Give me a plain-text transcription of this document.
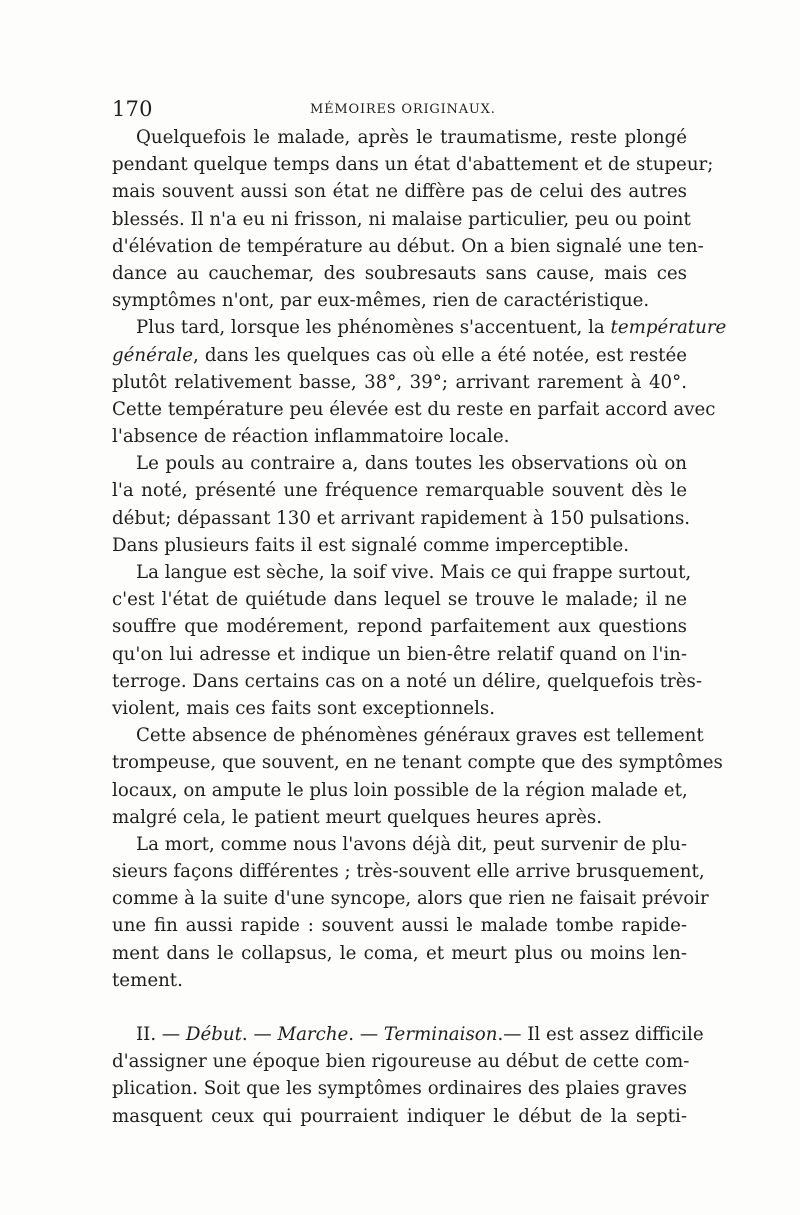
170	MÉMOIRES ORIGINAUX.
Quelquefois le malade, après le traumatisme, reste plongé
pendant quelque temps dans un état d'abattement et de stupeur;
mais souvent aussi son état ne diffère pas de celui des autres
blessés. Il n'a eu ni frisson, ni malaise particulier, peu ou point
d'élévation de température au début. On a bien signalé une ten-
dance au cauchemar, des soubresauts sans cause, mais ces
symptômes n'ont, par eux-mêmes, rien de caractéristique.
Plus tard, lorsque les phénomènes s'accentuent, la température
générale, dans les quelques cas où elle a été notée, est restée
plutôt relativement basse, 38°, 39°; arrivant rarement à 40°.
Cette température peu élevée est du reste en parfait accord avec
l'absence de réaction inflammatoire locale.
Le pouls au contraire a, dans toutes les observations où on
l'a noté, présenté une fréquence remarquable souvent dès le
début; dépassant 130 et arrivant rapidement à 150 pulsations.
Dans plusieurs faits il est signalé comme imperceptible.
La langue est sèche, la soif vive. Mais ce qui frappe surtout,
c'est l'état de quiétude dans lequel se trouve le malade; il ne
souffre que modérement, repond parfaitement aux questions
qu'on lui adresse et indique un bien-être relatif quand on l'in-
terroge. Dans certains cas on a noté un délire, quelquefois très-
violent, mais ces faits sont exceptionnels.
Cette absence de phénomènes généraux graves est tellement
trompeuse, que souvent, en ne tenant compte que des symptômes
locaux, on ampute le plus loin possible de la région malade et,
malgré cela, le patient meurt quelques heures après.
La mort, comme nous l'avons déjà dit, peut survenir de plu-
sieurs façons différentes ; très-souvent elle arrive brusquement,
comme à la suite d'une syncope, alors que rien ne faisait prévoir
une fin aussi rapide : souvent aussi le malade tombe rapide-
ment dans le collapsus, le coma, et meurt plus ou moins len-
tement.
II. — Début. — Marche. — Terminaison.— Il est assez difficile
d'assigner une époque bien rigoureuse au début de cette com-
plication. Soit que les symptômes ordinaires des plaies graves
masquent ceux qui pourraient indiquer le début de la septi-
